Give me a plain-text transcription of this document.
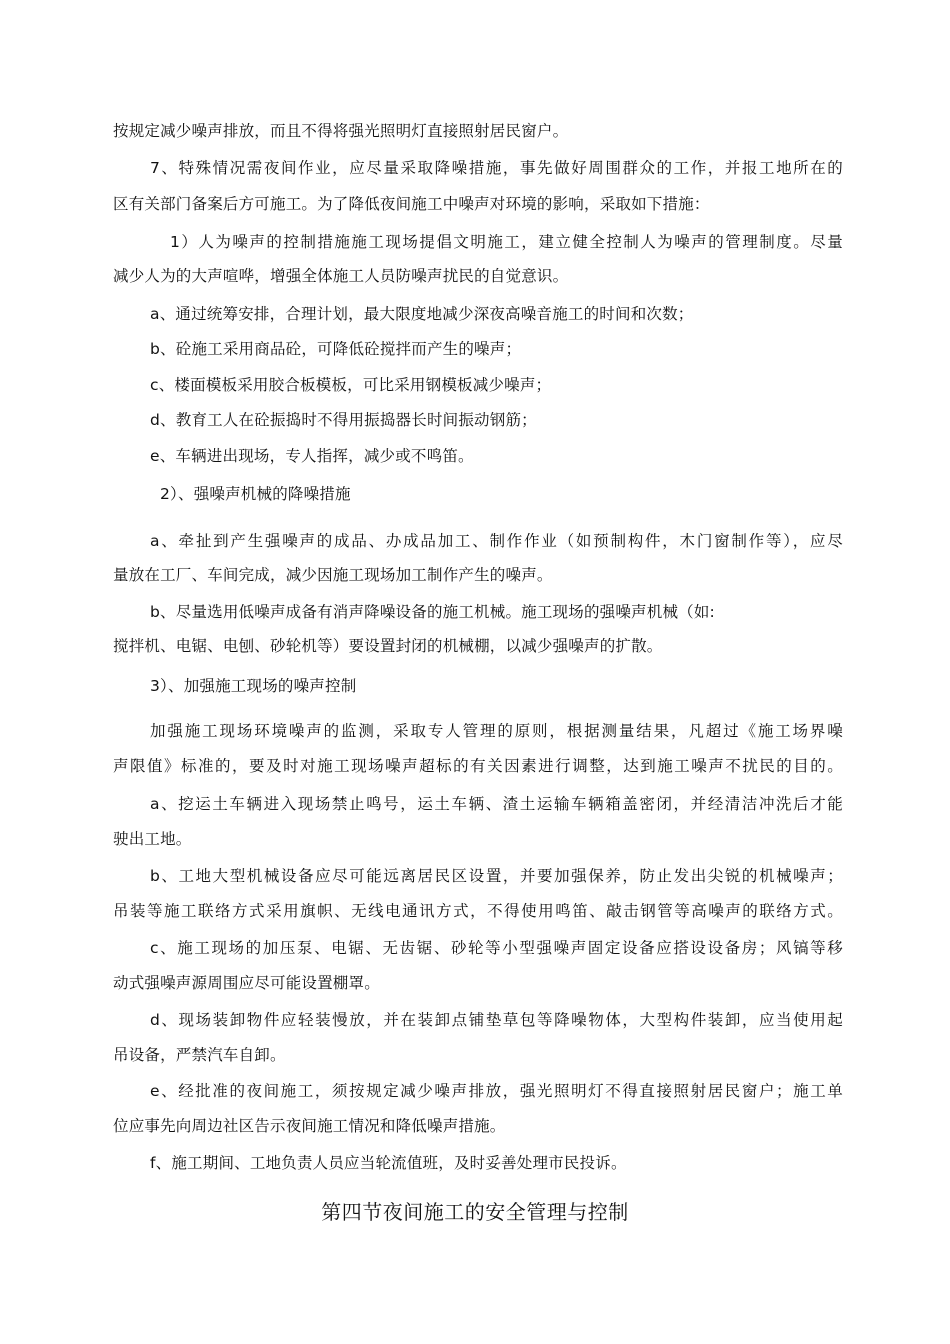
按规定减少噪声排放，而且不得将强光照明灯直接照射居民窗户。
7、特殊情况需夜间作业，应尽量采取降噪措施，事先做好周围群众的工作，并报工地所在的
区有关部门备案后方可施工。为了降低夜间施工中噪声对环境的影响，采取如下措施：
1）人为噪声的控制措施施工现场提倡文明施工，建立健全控制人为噪声的管理制度。尽量
减少人为的大声喧哗，增强全体施工人员防噪声扰民的自觉意识。
a、通过统筹安排，合理计划，最大限度地减少深夜高噪音施工的时间和次数；
b、砼施工采用商品砼，可降低砼搅拌而产生的噪声；
c、楼面模板采用胶合板模板，可比采用钢模板减少噪声；
d、教育工人在砼振捣时不得用振捣器长时间振动钢筋；
e、车辆进出现场，专人指挥，减少或不鸣笛。
2）、强噪声机械的降噪措施
a、牵扯到产生强噪声的成品、办成品加工、制作作业（如预制构件，木门窗制作等），应尽
量放在工厂、车间完成，减少因施工现场加工制作产生的噪声。
b、尽量选用低噪声成备有消声降噪设备的施工机械。施工现场的强噪声机械（如:
搅拌机、电锯、电刨、砂轮机等）要设置封闭的机械棚，以减少强噪声的扩散。
3）、加强施工现场的噪声控制
加强施工现场环境噪声的监测，采取专人管理的原则，根据测量结果，凡超过《施工场界噪
声限值》标准的，要及时对施工现场噪声超标的有关因素进行调整，达到施工噪声不扰民的目的。
a、挖运土车辆进入现场禁止鸣号，运土车辆、渣土运输车辆箱盖密闭，并经清洁冲洗后才能
驶出工地。
b、工地大型机械设备应尽可能远离居民区设置，并要加强保养，防止发出尖锐的机械噪声；
吊装等施工联络方式采用旗帜、无线电通讯方式，不得使用鸣笛、敲击钢管等高噪声的联络方式。
c、施工现场的加压泵、电锯、无齿锯、砂轮等小型强噪声固定设备应搭设设备房；风镐等移
动式强噪声源周围应尽可能设置棚罩。
d、现场装卸物件应轻装慢放，并在装卸点铺垫草包等降噪物体，大型构件装卸，应当使用起
吊设备，严禁汽车自卸。
e、经批准的夜间施工，须按规定减少噪声排放，强光照明灯不得直接照射居民窗户；施工单
位应事先向周边社区告示夜间施工情况和降低噪声措施。
f、施工期间、工地负责人员应当轮流值班，及时妥善处理市民投诉。
第四节夜间施工的安全管理与控制
